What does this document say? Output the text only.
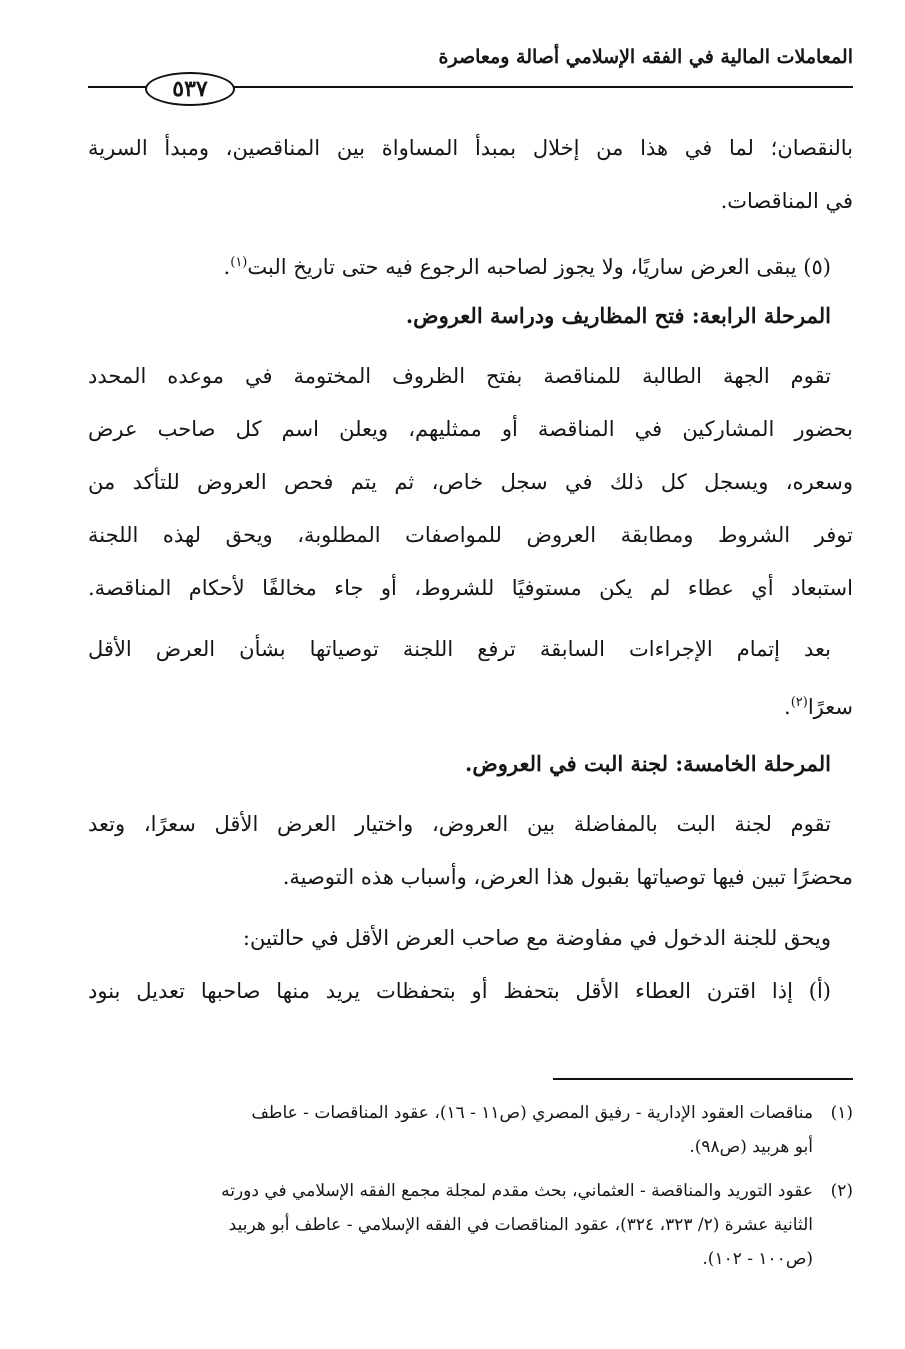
المعاملات المالية في الفقه الإسلامي أصالة ومعاصرة
٥٣٧
بالنقصان؛ لما في هذا من إخلال بمبدأ المساواة بين المناقصين، ومبدأ السرية
في المناقصات.
(٥) يبقى العرض ساريًا، ولا يجوز لصاحبه الرجوع فيه حتى تاريخ البت$^{(١)}$.
المرحلة الرابعة: فتح المظاريف ودراسة العروض.
تقوم الجهة الطالبة للمناقصة بفتح الظروف المختومة في موعده المحدد
بحضور المشاركين في المناقصة أو ممثليهم، ويعلن اسم كل صاحب عرض
وسعره، ويسجل كل ذلك في سجل خاص، ثم يتم فحص العروض للتأكد من
توفر الشروط ومطابقة العروض للمواصفات المطلوبة، ويحق لهذه اللجنة
استبعاد أي عطاء لم يكن مستوفيًا للشروط، أو جاء مخالفًا لأحكام المناقصة.
بعد إتمام الإجراءات السابقة ترفع اللجنة توصياتها بشأن العرض الأقل
سعرًا$^{(٢)}$.
المرحلة الخامسة: لجنة البت في العروض.
تقوم لجنة البت بالمفاضلة بين العروض، واختيار العرض الأقل سعرًا، وتعد
محضرًا تبين فيها توصياتها بقبول هذا العرض، وأسباب هذه التوصية.
ويحق للجنة الدخول في مفاوضة مع صاحب العرض الأقل في حالتين:
(أ) إذا اقترن العطاء الأقل بتحفظ أو بتحفظات يريد منها صاحبها تعديل بنود
(١)مناقصات العقود الإدارية - رفيق المصري (ص١١ - ١٦)، عقود المناقصات - عاطف
أبو هربيد (ص٩٨).
(٢)عقود التوريد والمناقصة - العثماني، بحث مقدم لمجلة مجمع الفقه الإسلامي في دورته
الثانية عشرة (٢/ ٣٢٣، ٣٢٤)، عقود المناقصات في الفقه الإسلامي - عاطف أبو هربيد
(ص١٠٠ - ١٠٢).
